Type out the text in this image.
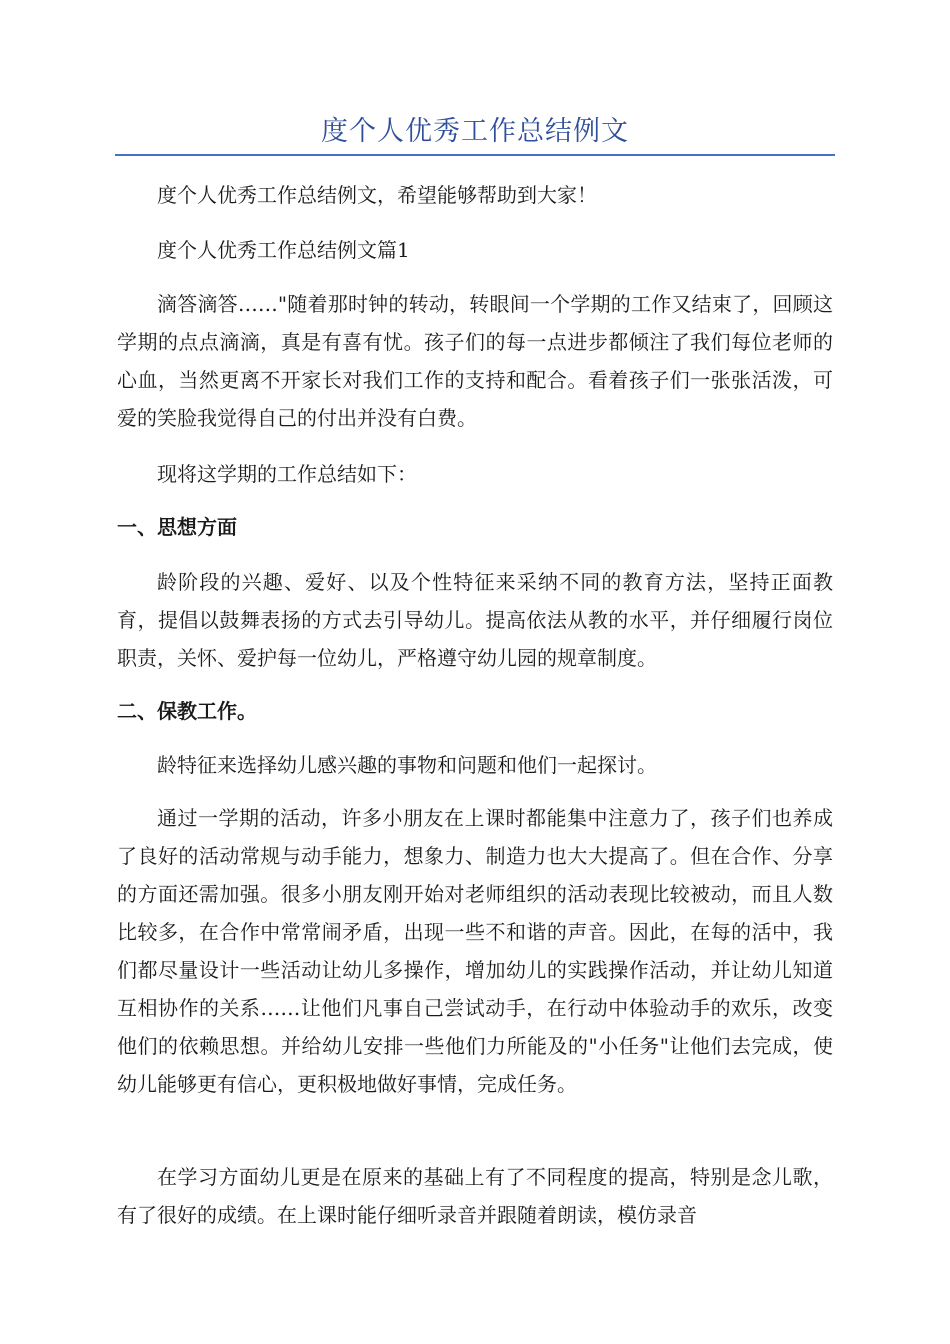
度个人优秀工作总结例文

度个人优秀工作总结例文，希望能够帮助到大家！

度个人优秀工作总结例文篇1

滴答滴答……"随着那时钟的转动，转眼间一个学期的工作又结束了，回顾这学期的点点滴滴，真是有喜有忧。孩子们的每一点进步都倾注了我们每位老师的心血，当然更离不开家长对我们工作的支持和配合。看着孩子们一张张活泼，可爱的笑脸我觉得自己的付出并没有白费。

现将这学期的工作总结如下：

一、思想方面

龄阶段的兴趣、爱好、以及个性特征来采纳不同的教育方法，坚持正面教育，提倡以鼓舞表扬的方式去引导幼儿。提高依法从教的水平，并仔细履行岗位职责，关怀、爱护每一位幼儿，严格遵守幼儿园的规章制度。

二、保教工作。

龄特征来选择幼儿感兴趣的事物和问题和他们一起探讨。

通过一学期的活动，许多小朋友在上课时都能集中注意力了，孩子们也养成了良好的活动常规与动手能力，想象力、制造力也大大提高了。但在合作、分享的方面还需加强。很多小朋友刚开始对老师组织的活动表现比较被动，而且人数比较多，在合作中常常闹矛盾，出现一些不和谐的声音。因此，在每的活中，我们都尽量设计一些活动让幼儿多操作，增加幼儿的实践操作活动，并让幼儿知道互相协作的关系……让他们凡事自己尝试动手，在行动中体验动手的欢乐，改变他们的依赖思想。并给幼儿安排一些他们力所能及的"小任务"让他们去完成，使幼儿能够更有信心，更积极地做好事情，完成任务。

在学习方面幼儿更是在原来的基础上有了不同程度的提高，特别是念儿歌，有了很好的成绩。在上课时能仔细听录音并跟随着朗读，模仿录音
